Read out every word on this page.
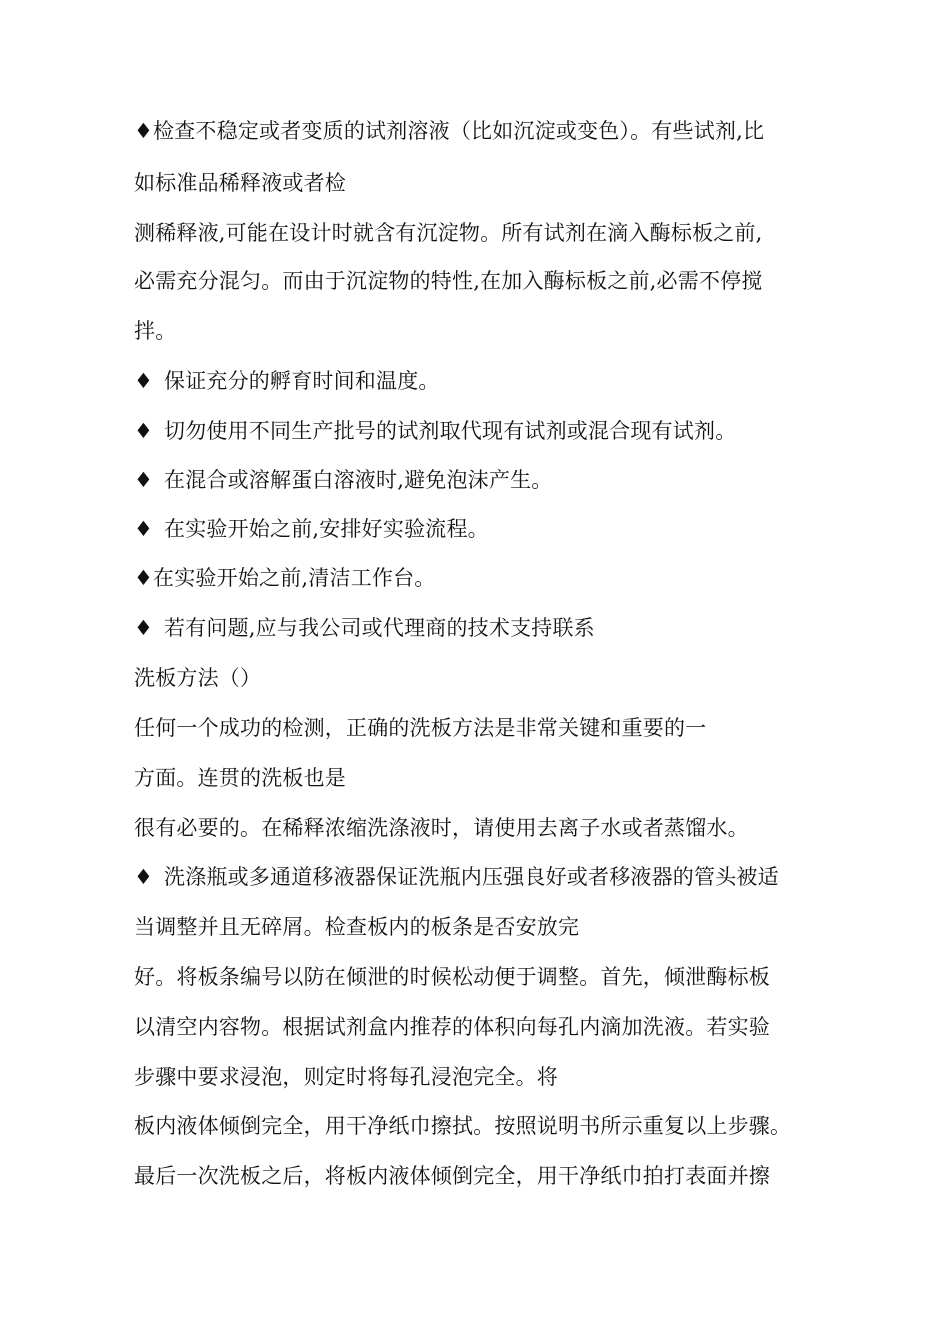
♦检查不稳定或者变质的试剂溶液（比如沉淀或变色）。有些试剂,比
如标准品稀释液或者检
测稀释液,可能在设计时就含有沉淀物。所有试剂在滴入酶标板之前,
必需充分混匀。而由于沉淀物的特性,在加入酶标板之前,必需不停搅
拌。
♦ 保证充分的孵育时间和温度。
♦ 切勿使用不同生产批号的试剂取代现有试剂或混合现有试剂。
♦ 在混合或溶解蛋白溶液时,避免泡沫产生。
♦ 在实验开始之前,安排好实验流程。
♦在实验开始之前,清洁工作台。
♦ 若有问题,应与我公司或代理商的技术支持联系
洗板方法（）
任何一个成功的检测，正确的洗板方法是非常关键和重要的一
方面。连贯的洗板也是
很有必要的。在稀释浓缩洗涤液时，请使用去离子水或者蒸馏水。
♦ 洗涤瓶或多通道移液器保证洗瓶内压强良好或者移液器的管头被适
当调整并且无碎屑。检查板内的板条是否安放完
好。将板条编号以防在倾泄的时候松动便于调整。首先，倾泄酶标板
以清空内容物。根据试剂盒内推荐的体积向每孔内滴加洗液。若实验
步骤中要求浸泡，则定时将每孔浸泡完全。将
板内液体倾倒完全，用干净纸巾擦拭。按照说明书所示重复以上步骤。
最后一次洗板之后，将板内液体倾倒完全，用干净纸巾拍打表面并擦
